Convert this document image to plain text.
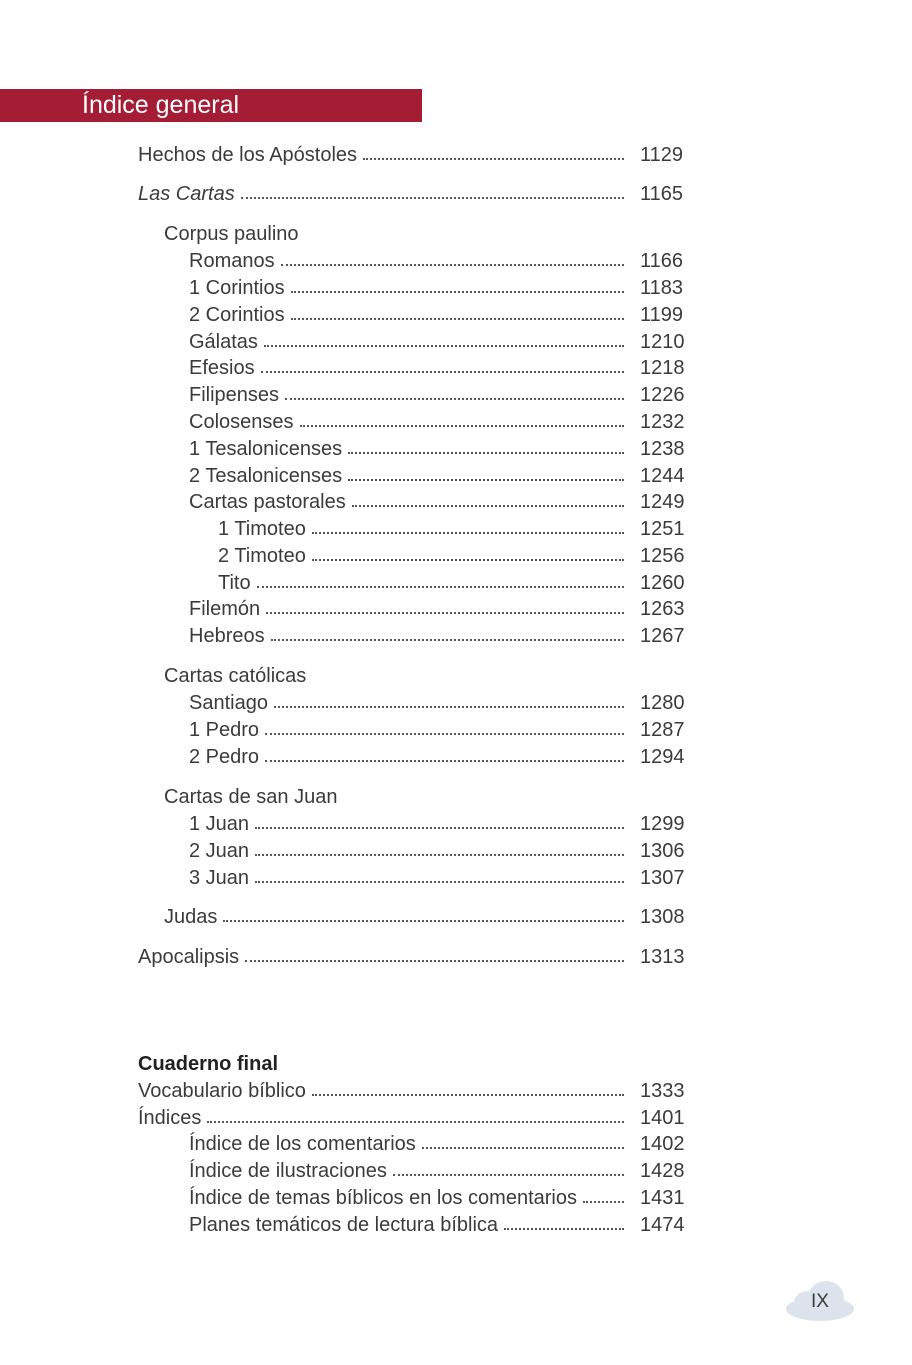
Índice general
Hechos de los Apóstoles	1129
Las Cartas	1165
Corpus paulino
Romanos	1166
1 Corintios	1183
2 Corintios	1199
Gálatas	1210
Efesios	1218
Filipenses	1226
Colosenses	1232
1 Tesalonicenses	1238
2 Tesalonicenses	1244
Cartas pastorales	1249
1 Timoteo	1251
2 Timoteo	1256
Tito	1260
Filemón	1263
Hebreos	1267
Cartas católicas
Santiago	1280
1 Pedro	1287
2 Pedro	1294
Cartas de san Juan
1 Juan	1299
2 Juan	1306
3 Juan	1307
Judas	1308
Apocalipsis	1313
Cuaderno final
Vocabulario bíblico	1333
Índices	1401
Índice de los comentarios	1402
Índice de ilustraciones	1428
Índice de temas bíblicos en los comentarios	1431
Planes temáticos de lectura bíblica	1474
IX
